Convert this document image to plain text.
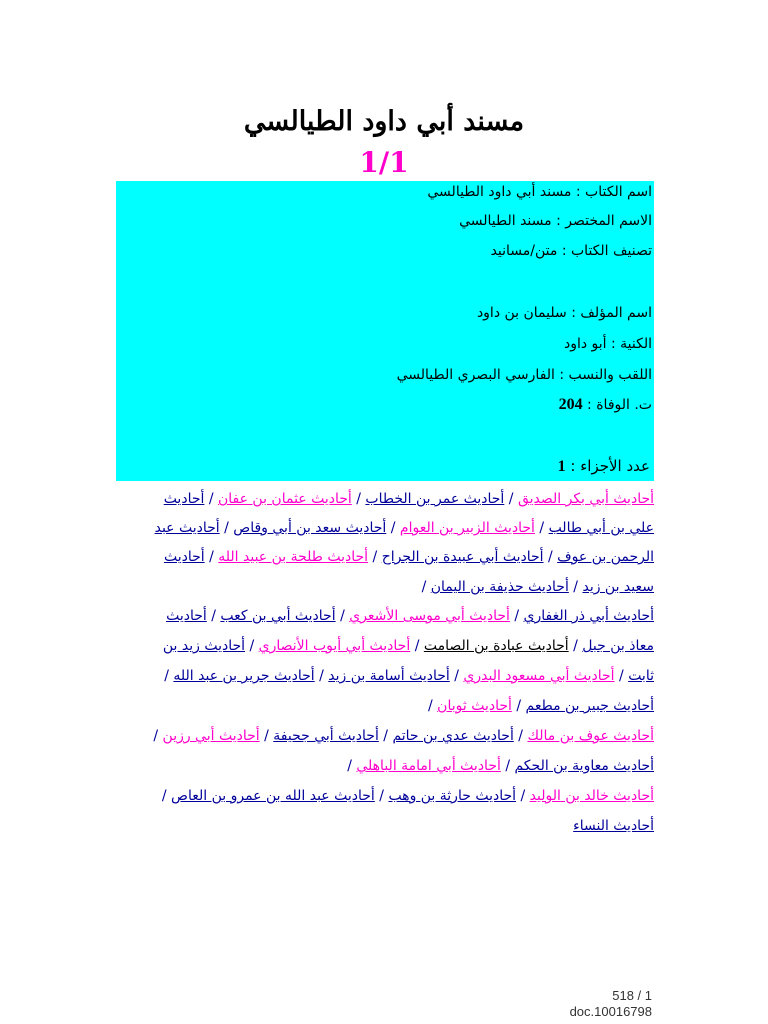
مسند أبي داود الطيالسي
1/1
اسم الكتاب : مسند أبي داود الطيالسي
الاسم المختصر : مسند الطيالسي
تصنيف الكتاب : متن/مسانيد
اسم المؤلف : سليمان بن داود
الكنية : أبو داود
اللقب والنسب : الفارسي البصري الطيالسي
ت. الوفاة : 204
عدد الأجزاء : 1
أحاديث أبي بكر الصديق / أحاديث عمر بن الخطاب / أحاديث عثمان بن عفان / أحاديث
علي بن أبي طالب / أحاديث الزبير بن العوام / أحاديث سعد بن أبي وقاص / أحاديث عبد
الرحمن بن عوف / أحاديث أبي عبيدة بن الجراح / أحاديث طلحة بن عبيد الله / أحاديث
سعيد بن زيد / أحاديث حذيفة بن اليمان /
أحاديث أبي ذر الغفاري / أحاديث أبي موسى الأشعري / أحاديث أبي بن كعب / أحاديث
معاذ بن جبل / أحاديث عبادة بن الصامت / أحاديث أبي أيوب الأنصاري / أحاديث زيد بن
ثابت / أحاديث أبي مسعود البدري / أحاديث أسامة بن زيد / أحاديث جرير بن عبد الله /
أحاديث جبير بن مطعم / أحاديث ثوبان /
أحاديث عوف بن مالك / أحاديث عدي بن حاتم / أحاديث أبي جحيفة / أحاديث أبي رزين /
أحاديث معاوية بن الحكم / أحاديث أبي امامة الباهلي /
أحاديث خالد بن الوليد / أحاديث حارثة بن وهب / أحاديث عبد الله بن عمرو بن العاص /
أحاديث النساء
518 / 1
doc.10016798
